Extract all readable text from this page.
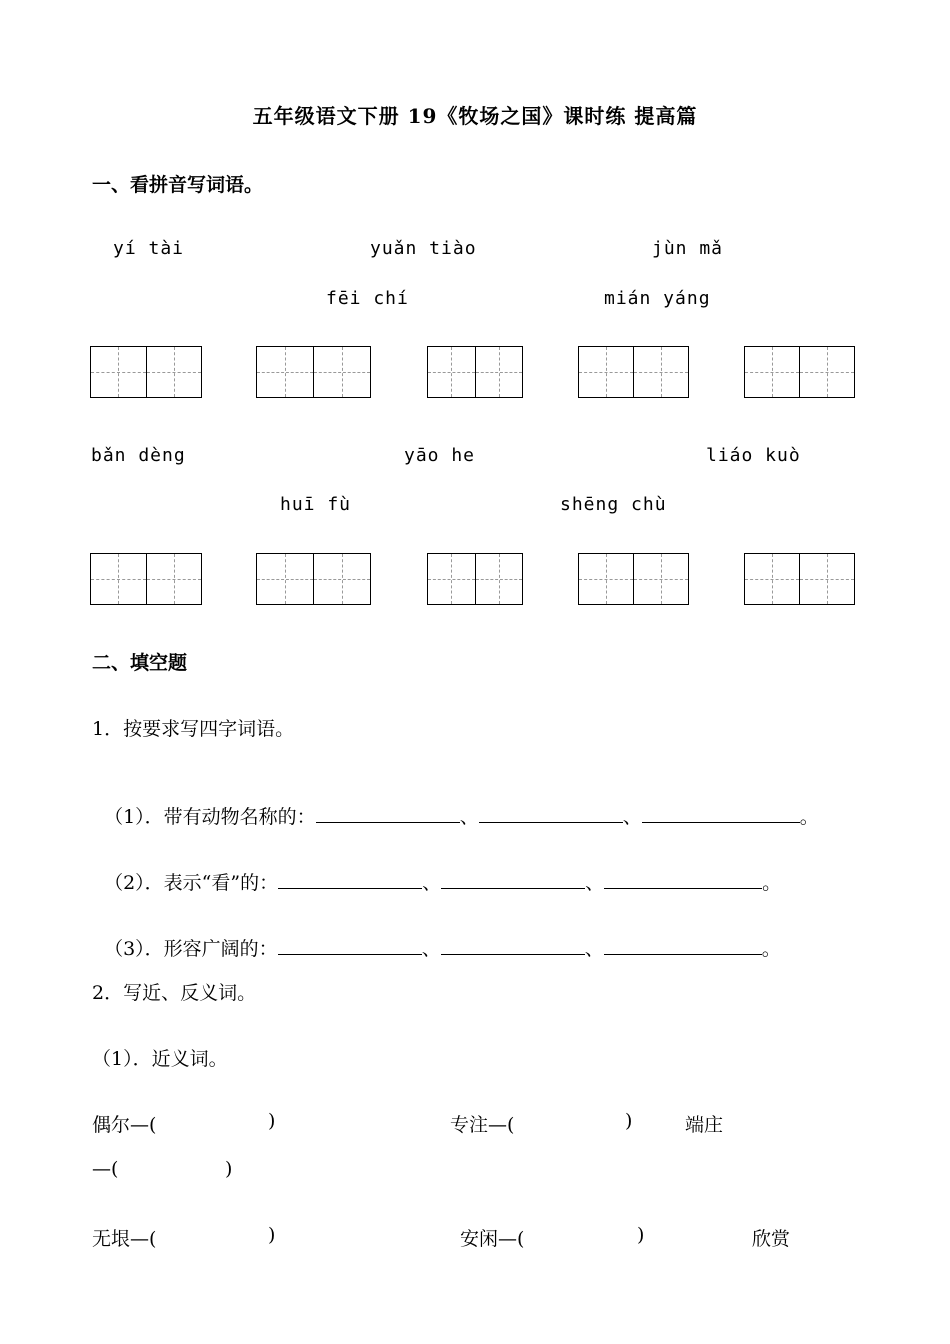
五年级语文下册 19《牧场之国》课时练 提高篇
一、看拼音写词语。
yí tài	yuǎn tiào	jùn mǎ
fēi chí	mián yáng
bǎn dèng	yāo he	liáo kuò
huī fù	shēng chù
二、填空题
1．按要求写四字词语。

（1）．带有动物名称的：	、	、	。

（2）．表示“看”的：	、	、	。

（3）．形容广阔的：	、	、	。

2．写近、反义词。
（1）．近义词。
偶尔—(	)	专注—(	)	端庄
—(	)
无垠—(	)	安闲—(	)	欣赏
